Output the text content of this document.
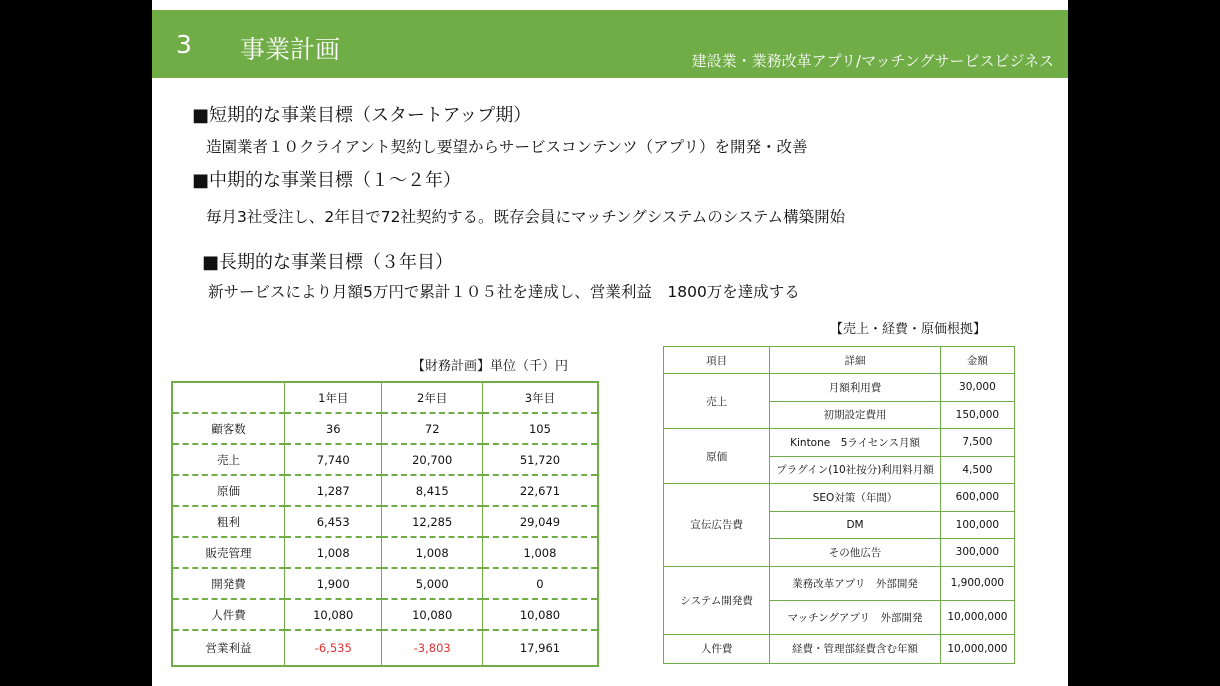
3 事業計画	建設業・業務改革アプリ/マッチングサービスビジネス
■短期的な事業目標（スタートアップ期）
造園業者１０クライアント契約し要望からサービスコンテンツ（アプリ）を開発・改善
■中期的な事業目標（１～２年）
毎月3社受注し、2年目で72社契約する。既存会員にマッチングシステムのシステム構築開始
■長期的な事業目標（３年目）
新サービスにより月額5万円で累計１０５社を達成し、営業利益　1800万を達成する
【財務計画】単位（千）円
	1年目	2年目	3年目
顧客数	36	72	105
売上	7,740	20,700	51,720
原価	1,287	8,415	22,671
粗利	6,453	12,285	29,049
販売管理	1,008	1,008	1,008
開発費	1,900	5,000	0
人件費	10,080	10,080	10,080
営業利益	-6,535	-3,803	17,961
【売上・経費・原価根拠】
項目	詳細	金額
売上	月額利用費	30,000
	初期設定費用	150,000
原価	Kintone　5ライセンス月額	7,500
	プラグイン(10社按分)利用料月額	4,500
宣伝広告費	SEO対策（年間）	600,000
	DM	100,000
	その他広告	300,000
システム開発費	業務改革アプリ　外部開発	1,900,000
	マッチングアプリ　外部開発	10,000,000
人件費	経費・管理部経費含む年額	10,000,000
